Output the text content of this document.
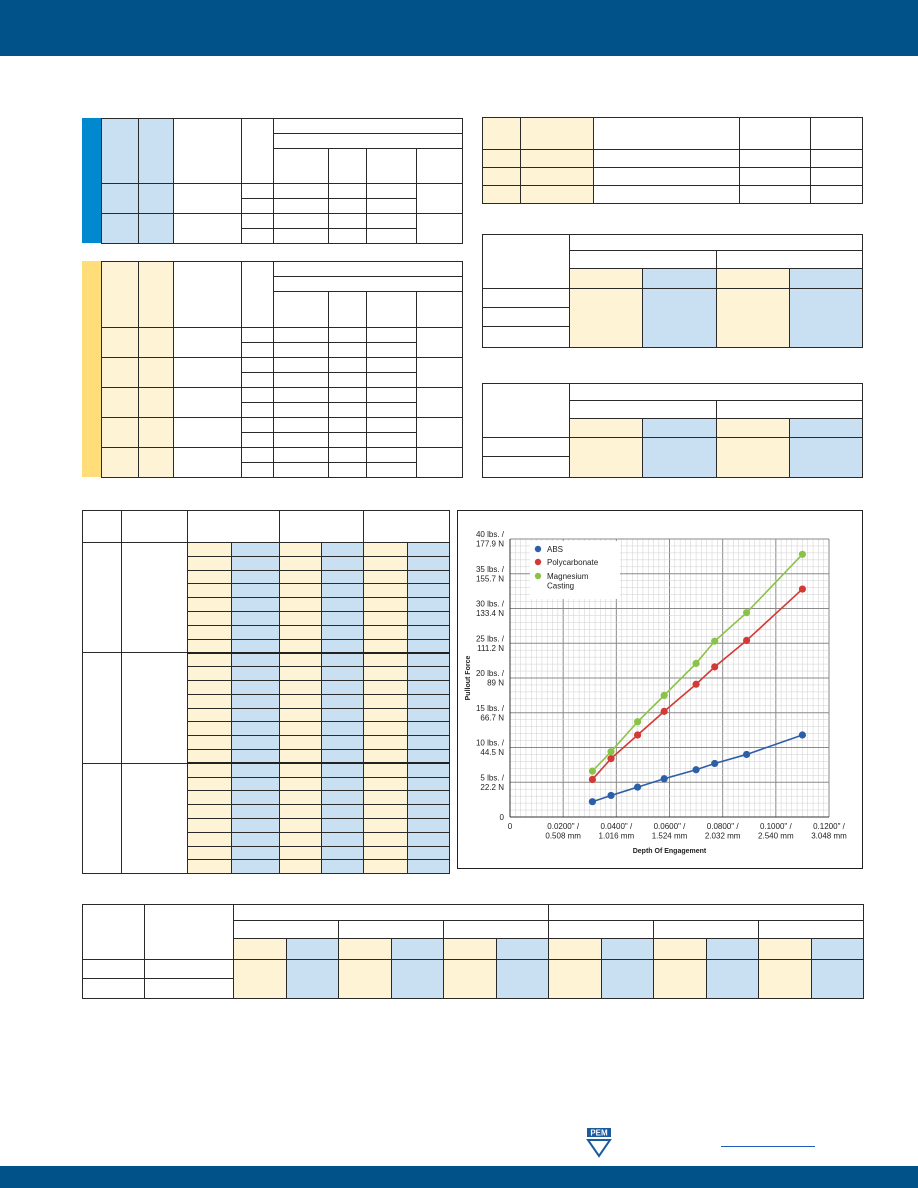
0
5 lbs. / 22.2 N
10 lbs. / 44.5 N
15 lbs. / 66.7 N
20 lbs. / 89 N
25 lbs. / 111.2 N
30 lbs. / 133.4 N
35 lbs. / 155.7 N
40 lbs. / 177.9 N
0	0.0200" / 0.508 mm
0.0400" / 1.016 mm
0.0600" / 1.524 mm
0.0800" / 2.032 mm
0.1000" / 2.540 mm
0.1200" / 3.048 mm
Depth Of Engagement
Pullout Force
ABS
Polycarbonate
Magnesium Casting

PEM
